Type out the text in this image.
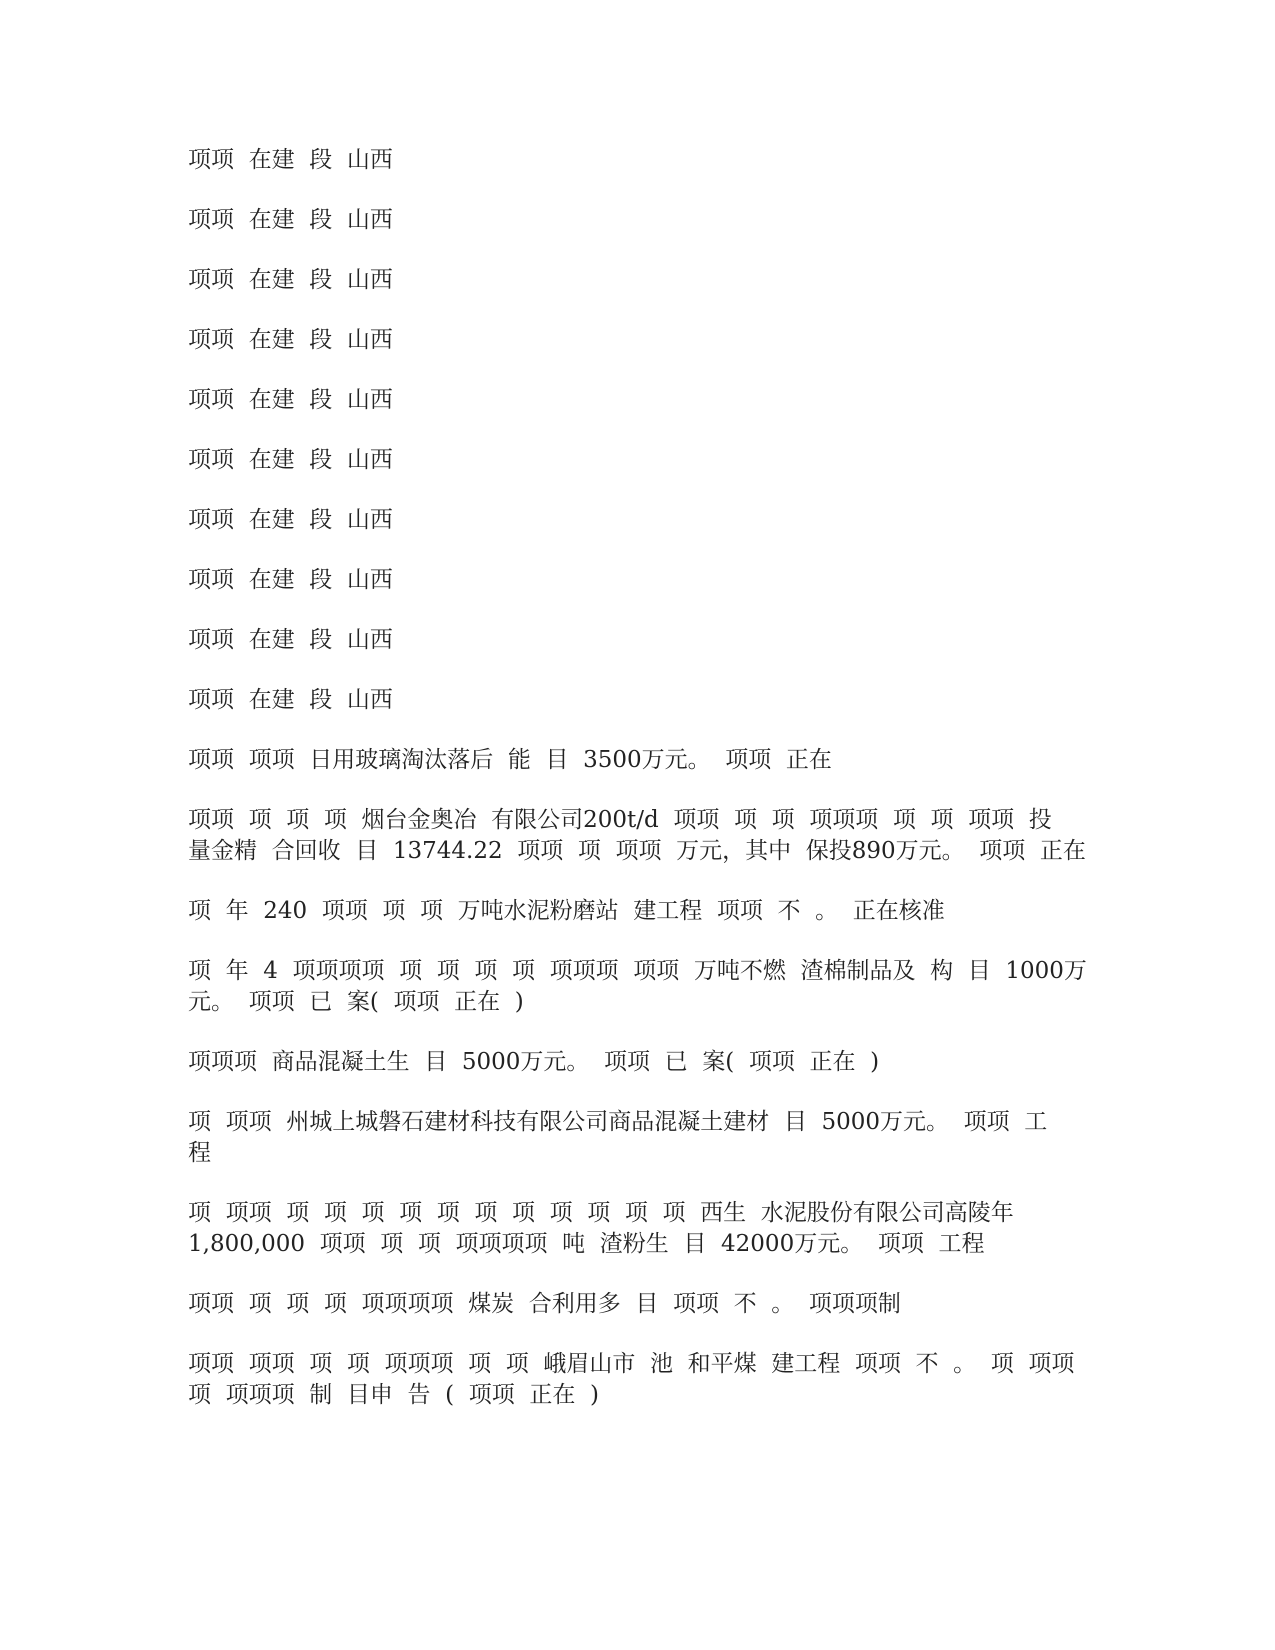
项项  在建  段  山西

项项  在建  段  山西

项项  在建  段  山西

项项  在建  段  山西

项项  在建  段  山西

项项  在建  段  山西

项项  在建  段  山西

项项  在建  段  山西

项项  在建  段  山西

项项  在建  段  山西

项项  项项  日用玻璃淘汰落后  能  目  3500万元。  项项  正在

项项  项  项  项  烟台金奥冶  有限公司200t/d  项项  项  项  项项项  项  项  项项  投
量金精  合回收  目  13744.22  项项  项  项项  万元，其中  保投890万元。  项项  正在

项  年  240  项项  项  项  万吨水泥粉磨站  建工程  项项  不  。  正在核准

项  年  4  项项项项  项  项  项  项  项项项  项项  万吨不燃  渣棉制品及  构  目  1000万
元。  项项  已  案(  项项  正在  )

项项项  商品混凝土生  目  5000万元。  项项  已  案(  项项  正在  )

项  项项  州城上城磐石建材科技有限公司商品混凝土建材  目  5000万元。  项项  工
程

项  项项  项  项  项  项  项  项  项  项  项  项  项  西生  水泥股份有限公司高陵年
1,800,000  项项  项  项  项项项项  吨  渣粉生  目  42000万元。  项项  工程

项项  项  项  项  项项项项  煤炭  合利用多  目  项项  不  。  项项项制

项项  项项  项  项  项项项  项  项  峨眉山市  池  和平煤  建工程  项项  不  。  项  项项
项  项项项  制  目申  告  (  项项  正在  )
